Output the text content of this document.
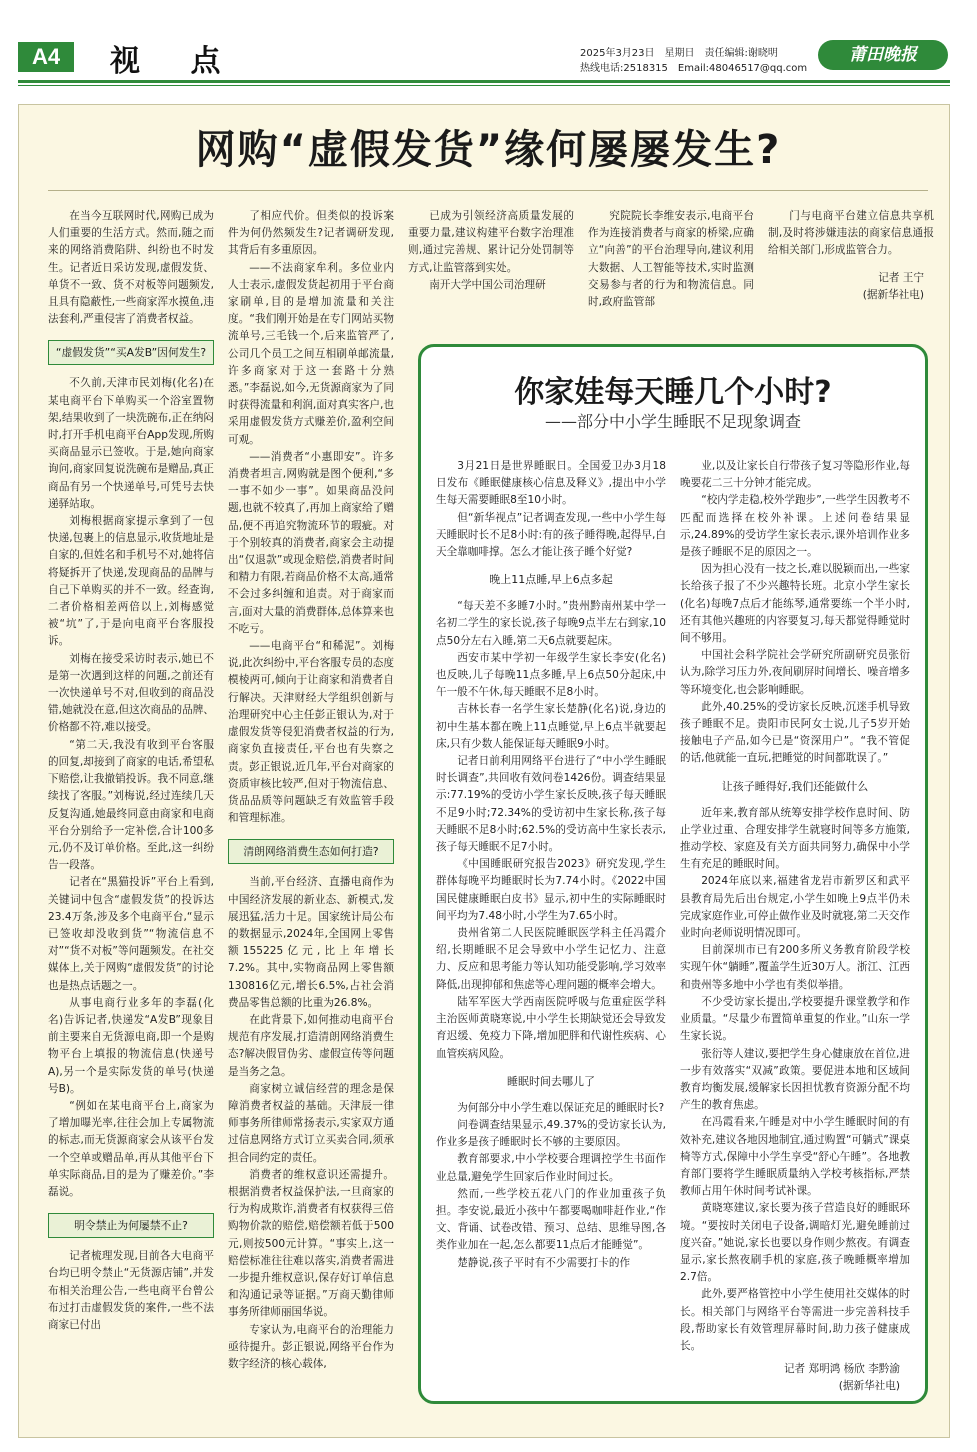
A4	视 点	2025年3月23日　星期日　责任编辑:谢晓明
热线电话:2518315　Email:48046517@qq.com
莆田晚报
网购“虚假发货”缘何屡屡发生?

在当今互联网时代,网购已成为人们重要的生活方式。然而,随之而来的网络消费陷阱、纠纷也不时发生。记者近日采访发现,虚假发货、单货不一致、货不对板等问题频发,且具有隐蔽性,一些商家浑水摸鱼,违法套利,严重侵害了消费者权益。

“虚假发货”“买A发B”因何发生?

不久前,天津市民刘梅(化名)在某电商平台下单购买一个浴室置物架,结果收到了一块洗碗布,正在纳闷时,打开手机电商平台App发现,所购买商品显示已签收。于是,她向商家询问,商家回复说洗碗布是赠品,真正商品有另一个快递单号,可凭号去快递驿站取。

刘梅根据商家提示拿到了一包快递,包裹上的信息显示,收货地址是自家的,但姓名和手机号不对,她将信将疑拆开了快递,发现商品的品牌与自己下单购买的并不一致。经查询,二者价格相差两倍以上,刘梅感觉被“坑”了,于是向电商平台客服投诉。

刘梅在接受采访时表示,她已不是第一次遇到这样的问题,之前还有一次快递单号不对,但收到的商品没错,她就没在意,但这次商品的品牌、价格都不符,难以接受。

“第二天,我没有收到平台客服的回复,却接到了商家的电话,希望私下赔偿,让我撤销投诉。我不同意,继续找了客服。”刘梅说,经过连续几天反复沟通,她最终同意由商家和电商平台分别给予一定补偿,合计100多元,仍不及订单价格。至此,这一纠纷告一段落。

记者在“黑猫投诉”平台上看到,关键词中包含“虚假发货”的投诉达23.4万条,涉及多个电商平台,“显示已签收却没收到货”“物流信息不对”“货不对板”等问题频发。在社交媒体上,关于网购“虚假发货”的讨论也是热点话题之一。

从事电商行业多年的李磊(化名)告诉记者,快递发“A发B”现象目前主要来自无货源电商,即一个是购物平台上填报的物流信息(快递号A),另一个是实际发货的单号(快递号B)。

“例如在某电商平台上,商家为了增加曝光率,往往会加上专属物流的标志,而无货源商家会从该平台发一个空单或赠品单,再从其他平台下单实际商品,目的是为了赚差价。”李磊说。

明令禁止为何屡禁不止?

记者梳理发现,目前各大电商平台均已明令禁止“无货源店铺”,并发布相关治理公告,一些电商平台曾公布过打击虚假发货的案件,一些不法商家已付出

了相应代价。但类似的投诉案件为何仍然频发生?记者调研发现,其背后有多重原因。

——不法商家牟利。多位业内人士表示,虚假发货起初用于平台商家刷单,目的是增加流量和关注度。“我们刚开始是在专门网站买物流单号,三毛钱一个,后来监管严了,公司几个员工之间互相刷单邮流量,许多商家对于这一套路十分熟悉。”李磊说,如今,无货源商家为了同时获得流量和利润,面对真实客户,也采用虚假发货方式赚差价,盈利空间可观。

——消费者“小惠即安”。许多消费者坦言,网购就是图个便利,“多一事不如少一事”。如果商品没问题,也就不较真了,再加上商家给了赠品,便不再追究物流环节的瑕疵。对于个别较真的消费者,商家会主动提出“仅退款”或现金赔偿,消费者时间和精力有限,若商品价格不太高,通常不会过多纠缠和追责。对于商家而言,面对大量的消费群体,总体算来也不吃亏。

——电商平台“和稀泥”。刘梅说,此次纠纷中,平台客服专员的态度模棱两可,倾向于让商家和消费者自行解决。天津财经大学组织创新与治理研究中心主任彭正银认为,对于虚假发货等侵犯消费者权益的行为,商家负直接责任,平台也有失察之责。彭正银说,近几年,平台对商家的资质审核比较严,但对于物流信息、货品品质等问题缺乏有效监管手段和管理标准。

清朗网络消费生态如何打造?

当前,平台经济、直播电商作为中国经济发展的新业态、新模式,发展迅猛,活力十足。国家统计局公布的数据显示,2024年,全国网上零售额155225亿元,比上年增长7.2%。其中,实物商品网上零售额130816亿元,增长6.5%,占社会消费品零售总额的比重为26.8%。

在此背景下,如何推动电商平台规范有序发展,打造清朗网络消费生态?解决假冒伪劣、虚假宣传等问题是当务之急。

商家树立诚信经营的理念是保障消费者权益的基础。天津辰一律师事务所律师常扬表示,实家双方通过信息网络方式订立买卖合同,须承担合同约定的责任。

消费者的维权意识还需提升。根据消费者权益保护法,一旦商家的行为构成欺诈,消费者有权获得三倍购物价款的赔偿,赔偿额若低于500元,则按500元计算。“事实上,这一赔偿标准往往难以落实,消费者需进一步提升维权意识,保存好订单信息和沟通记录等证据。”万商天勤律师事务所律师丽国华说。

专家认为,电商平台的治理能力亟待提升。彭正银说,网络平台作为数字经济的核心载体,

已成为引领经济高质量发展的重要力量,建议构建平台数字治理准则,通过完善规、累计记分处罚制等方式,让监管落到实处。

南开大学中国公司治理研

究院院长李维安表示,电商平台作为连接消费者与商家的桥梁,应确立“向善”的平台治理导向,建议利用大数据、人工智能等技术,实时监测交易参与者的行为和物流信息。同时,政府监管部

门与电商平台建立信息共享机制,及时将涉嫌违法的商家信息通报给相关部门,形成监管合力。

记者 王宁

(据新华社电)

你家娃每天睡几个小时?
——部分中小学生睡眠不足现象调查

3月21日是世界睡眠日。全国爱卫办3月18日发布《睡眠健康核心信息及释义》,提出中小学生每天需要睡眠8至10小时。

但“新华视点”记者调查发现,一些中小学生每天睡眠时长不足8小时:有的孩子睡得晚,起得早,白天全靠咖啡撑。怎么才能让孩子睡个好觉?

晚上11点睡,早上6点多起

“每天差不多睡7小时。”贵州黔南州某中学一名初二学生的家长说,孩子每晚9点半左右到家,10点50分左右入睡,第二天6点就要起床。

西安市某中学初一年级学生家长李安(化名)也反映,儿子每晚11点多睡,早上6点50分起床,中午一般不午休,每天睡眠不足8小时。

吉林长春一名学生家长楚静(化名)说,身边的初中生基本都在晚上11点睡觉,早上6点半就要起床,只有少数人能保证每天睡眠9小时。

记者日前利用网络平台进行了“中小学生睡眠时长调查”,共回收有效问卷1426份。调查结果显示:77.19%的受访小学生家长反映,孩子每天睡眠不足9小时;72.34%的受访初中生家长称,孩子每天睡眠不足8小时;62.5%的受访高中生家长表示,孩子每天睡眠不足7小时。

《中国睡眠研究报告2023》研究发现,学生群体每晚平均睡眠时长为7.74小时。《2022中国国民健康睡眠白皮书》显示,初中生的实际睡眠时间平均为7.48小时,小学生为7.65小时。

贵州省第二人民医院睡眠医学科主任冯霞介绍,长期睡眠不足会导致中小学生记忆力、注意力、反应和思考能力等认知功能受影响,学习效率降低,出现抑郁和焦虑等心理问题的概率会增大。

陆军军医大学西南医院呼吸与危重症医学科主治医师黄晓寒说,中小学生长期缺觉还会导致发育迟缓、免疫力下降,增加肥胖和代谢性疾病、心血管疾病风险。

睡眠时间去哪儿了

为何部分中小学生难以保证充足的睡眠时长?

问卷调查结果显示,49.37%的受访家长认为,作业多是孩子睡眠时长不够的主要原因。

教育部要求,中小学校要合理调控学生书面作业总量,避免学生回家后作业时间过长。

然而,一些学校五花八门的作业加重孩子负担。李安说,最近小孩中午都要喝咖啡赶作业,“作文、背诵、试卷改错、预习、总结、思维导图,各类作业加在一起,怎么都要11点后才能睡觉”。

楚静说,孩子平时有不少需要打卡的作

业,以及让家长自行带孩子复习等隐形作业,每晚要花二三十分钟才能完成。

“校内学走稳,校外学跑步”,一些学生因教考不匹配而选择在校外补课。上述问卷结果显示,24.89%的受访学生家长表示,课外培训作业多是孩子睡眠不足的原因之一。

因为担心没有一技之长,难以脱颖而出,一些家长给孩子报了不少兴趣特长班。北京小学生家长(化名)每晚7点后才能练琴,通常要练一个半小时,还有其他兴趣班的内容要复习,每天都觉得睡觉时间不够用。

中国社会科学院社会学研究所副研究员张衍认为,除学习压力外,夜间刷屏时间增长、噪音增多等环境变化,也会影响睡眠。

此外,40.25%的受访家长反映,沉迷手机导致孩子睡眠不足。贵阳市民阿女士说,儿子5岁开始接触电子产品,如今已是“资深用户”。“我不管促的话,他就能一直玩,把睡觉的时间都耽误了。”

让孩子睡得好,我们还能做什么

近年来,教育部从统筹安排学校作息时间、防止学业过重、合理安排学生就寝时间等多方施策,推动学校、家庭及有关方面共同努力,确保中小学生有充足的睡眠时间。

2024年底以来,福建省龙岩市新罗区和武平县教育局先后出台规定,小学生如晚上9点半仍未完成家庭作业,可停止做作业及时就寝,第二天交作业时向老师说明情况即可。

目前深圳市已有200多所义务教育阶段学校实现午休“躺睡”,覆盖学生近30万人。浙江、江西和贵州等多地中小学也有类似举措。

不少受访家长提出,学校要提升课堂教学和作业质量。“尽量少布置简单重复的作业。”山东一学生家长说。

张衍等人建议,要把学生身心健康放在首位,进一步有效落实“双减”政策。要促进本地和区域间教育均衡发展,缓解家长因担忧教育资源分配不均产生的教育焦虑。

在冯霞看来,午睡是对中小学生睡眠时间的有效补充,建议各地因地制宜,通过购置“可躺式”课桌椅等方式,保障中小学生享受“舒心午睡”。各地教育部门要将学生睡眠质量纳入学校考核指标,严禁教师占用午休时间考试补课。

黄晓寒建议,家长要为孩子营造良好的睡眠环境。“要按时关闭电子设备,调暗灯光,避免睡前过度兴奋。”她说,家长也要以身作则少熬夜。有调查显示,家长熬夜刷手机的家庭,孩子晚睡概率增加2.7倍。

此外,要严格管控中小学生使用社交媒体的时长。相关部门与网络平台等需进一步完善科技手段,帮助家长有效管理屏幕时间,助力孩子健康成长。

记者 郑明鸿 杨欣 李黔渝

(据新华社电)
